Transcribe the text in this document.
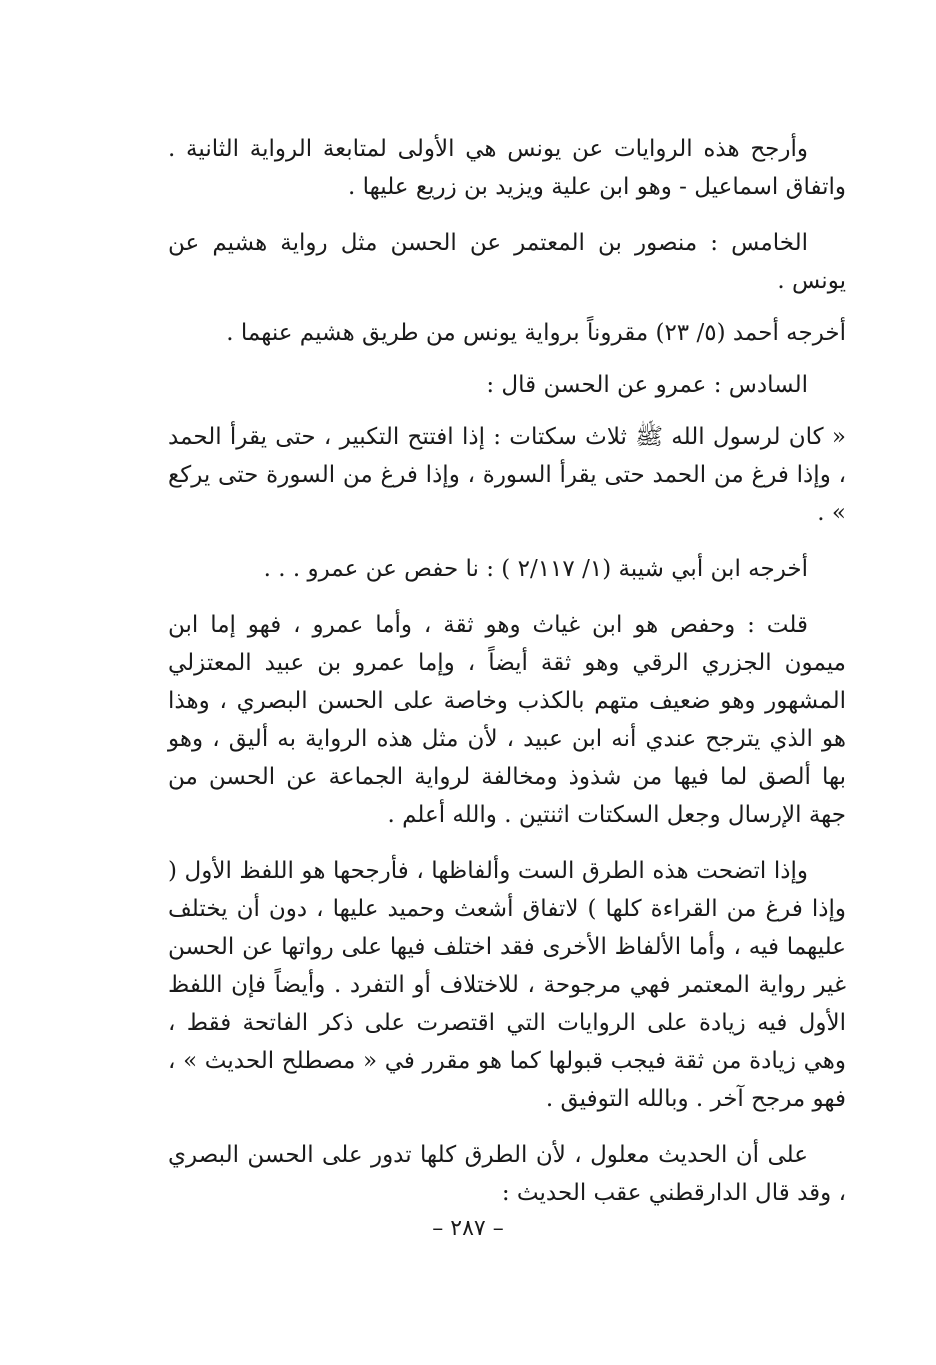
وأرجح هذه الروايات عن يونس هي الأولى لمتابعة الرواية الثانية . واتفاق اسماعيل - وهو ابن علية ويزيد بن زريع عليها .

الخامس : منصور بن المعتمر عن الحسن مثل رواية هشيم عن يونس .

أخرجه أحمد (٥/ ٢٣) مقروناً برواية يونس من طريق هشيم عنهما .

السادس : عمرو عن الحسن قال :

« كان لرسول الله ﷺ ثلاث سكتات : إذا افتتح التكبير ، حتى يقرأ الحمد ، وإذا فرغ من الحمد حتى يقرأ السورة ، وإذا فرغ من السورة حتى يركع » .

أخرجه ابن أبي شيبة (١/ ٢/١١٧ ) : نا حفص عن عمرو . . .

قلت : وحفص هو ابن غياث وهو ثقة ، وأما عمرو ، فهو إما ابن ميمون الجزري الرقي وهو ثقة أيضاً ، وإما عمرو بن عبيد المعتزلي المشهور وهو ضعيف متهم بالكذب وخاصة على الحسن البصري ، وهذا هو الذي يترجح عندي أنه ابن عبيد ، لأن مثل هذه الرواية به أليق ، وهو بها ألصق لما فيها من شذوذ ومخالفة لرواية الجماعة عن الحسن من جهة الإرسال وجعل السكتات اثنتين . والله أعلم .

وإذا اتضحت هذه الطرق الست وألفاظها ، فأرجحها هو اللفظ الأول ( وإذا فرغ من القراءة كلها ) لاتفاق أشعث وحميد عليها ، دون أن يختلف عليهما فيه ، وأما الألفاظ الأخرى فقد اختلف فيها على رواتها عن الحسن غير رواية المعتمر فهي مرجوحة ، للاختلاف أو التفرد . وأيضاً فإن اللفظ الأول فيه زيادة على الروايات التي اقتصرت على ذكر الفاتحة فقط ، وهي زيادة من ثقة فيجب قبولها كما هو مقرر في « مصطلح الحديث » ، فهو مرجح آخر . وبالله التوفيق .

على أن الحديث معلول ، لأن الطرق كلها تدور على الحسن البصري ، وقد قال الدارقطني عقب الحديث :

– ٢٨٧ –
